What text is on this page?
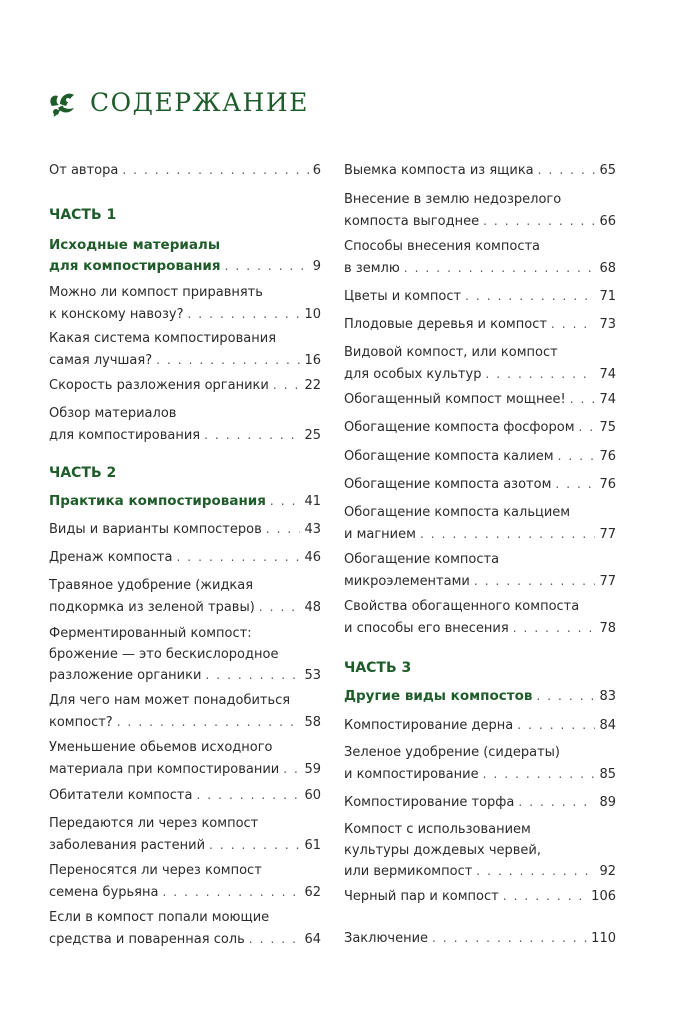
СОДЕРЖАНИЕ
От автора . . .	6
ЧАСТЬ 1
Исходные материалы
для компостирования . . .	9
Можно ли компост приравнять
к конскому навозу? . . .	10
Какая система компостирования
самая лучшая? . . .	16
Скорость разложения органики . . .	22
Обзор материалов
для компостирования . . .	25
ЧАСТЬ 2
Практика компостирования . . .	41
Виды и варианты компостеров . . .	43
Дренаж компоста . . .	46
Травяное удобрение (жидкая
подкормка из зеленой травы) . . .	48
Ферментированный компост:
брожение — это бескислородное
разложение органики . . .	53
Для чего нам может понадобиться
компост? . . .	58
Уменьшение обьемов исходного
материала при компостировании . . . 59
Обитатели компоста . . .	60
Передаются ли через компост
заболевания растений . . .	61
Переносятся ли через компост
семена бурьяна . . .	62
Если в компост попали моющие
средства и поваренная соль . . .	64
Выемка компоста из ящика . . .	65
Внесение в землю недозрелого
компоста выгоднее . . .	66
Способы внесения компоста
в землю . . .	68
Цветы и компост . . .	71
Плодовые деревья и компост . . .	73
Видовой компост, или компост
для особых культур . . .	74
Обогащенный компост мощнее! . . .	74
Обогащение компоста фосфором . . . 75
Обогащение компоста калием . . .	76
Обогащение компоста азотом . . .	76
Обогащение компоста кальцием
и магнием . . .	77
Обогащение компоста
микроэлементами . . .	77
Свойства обогащенного компоста
и способы его внесения . . .	78
ЧАСТЬ 3
Другие виды компостов . . .	83
Компостирование дерна . . .	84
Зеленое удобрение (сидераты)
и компостирование . . .	85
Компостирование торфа . . .	89
Компост с использованием
культуры дождевых червей,
или вермикомпост . . .	92
Черный пар и компост . . .	106
Заключение . . .	110
